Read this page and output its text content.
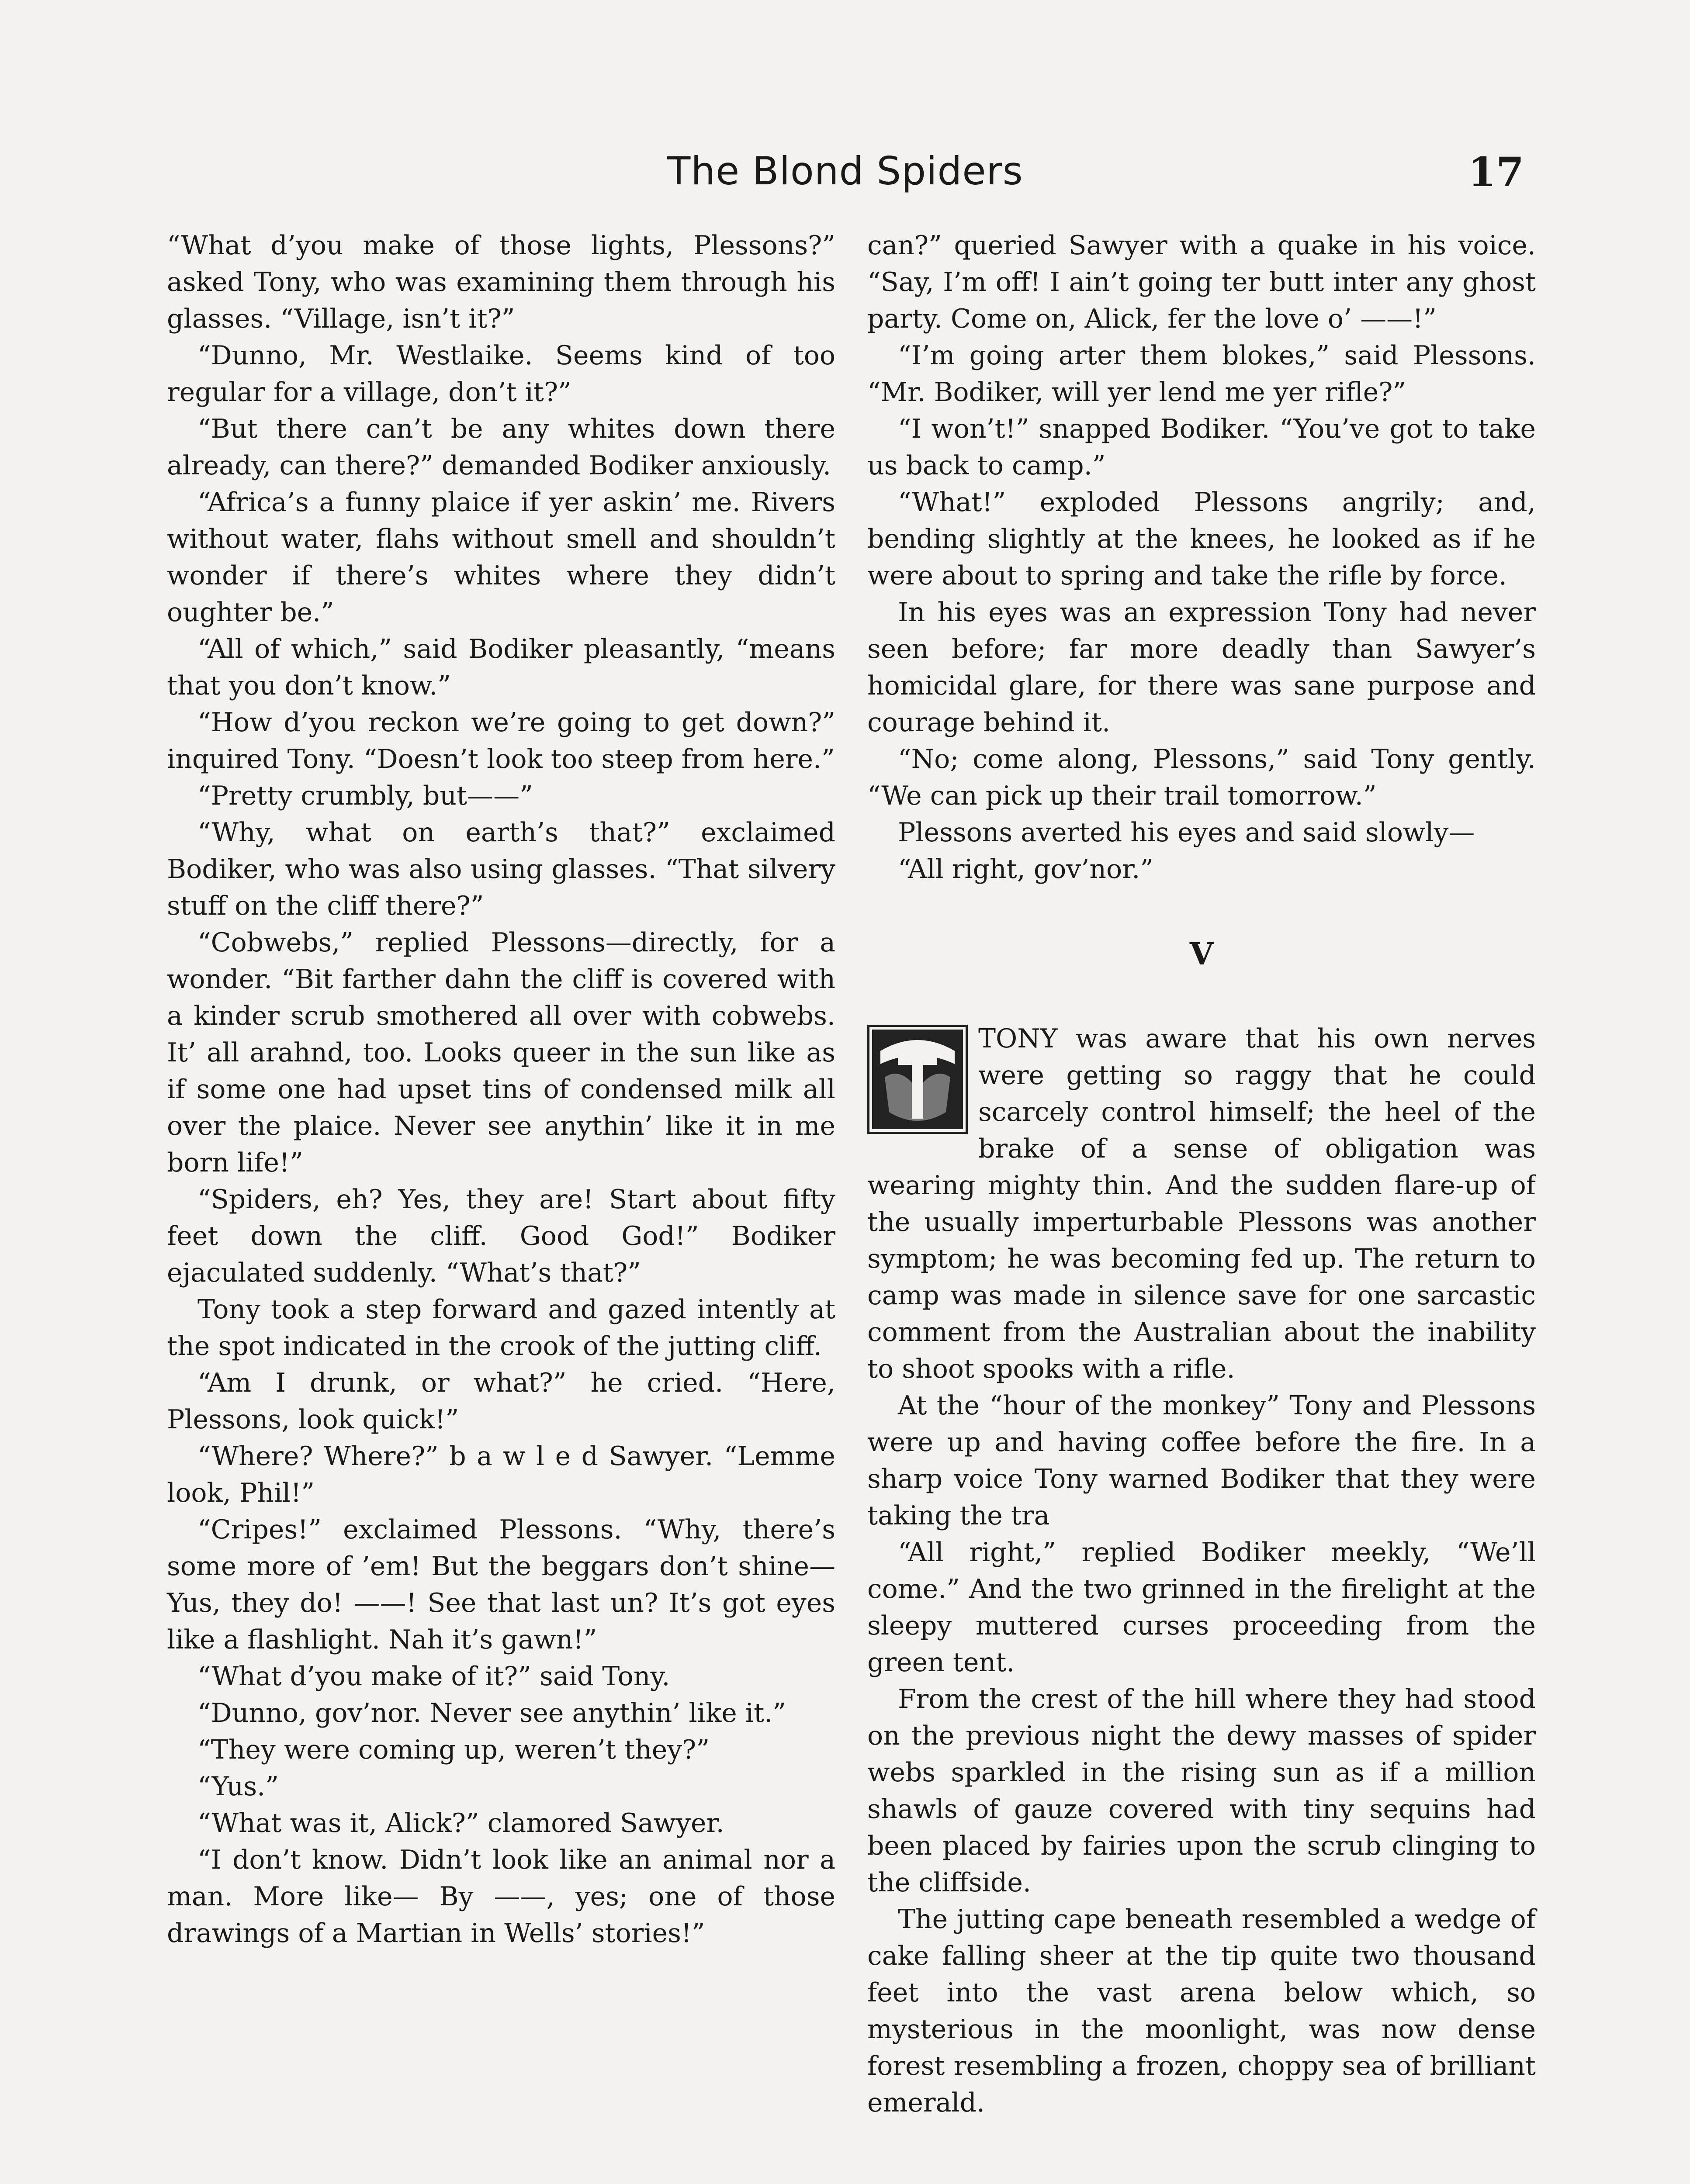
The Blond Spiders	17

“What d’you make of those lights, Plessons?” asked Tony, who was examining them through his glasses. “Village, isn’t it?”

“Dunno, Mr. Westlaike. Seems kind of too regular for a village, don’t it?”

“But there can’t be any whites down there already, can there?” demanded Bodiker anxiously.

“Africa’s a funny plaice if yer askin’ me. Rivers without water, flahs without smell and shouldn’t wonder if there’s whites where they didn’t oughter be.”

“All of which,” said Bodiker pleasantly, “means that you don’t know.”

“How d’you reckon we’re going to get down?” inquired Tony. “Doesn’t look too steep from here.”

“Pretty crumbly, but——”

“Why, what on earth’s that?” exclaimed Bodiker, who was also using glasses. “That silvery stuff on the cliff there?”

“Cobwebs,” replied Plessons—directly, for a wonder. “Bit farther dahn the cliff is covered with a kinder scrub smothered all over with cobwebs. It’ all arahnd, too. Looks queer in the sun like as if some one had upset tins of condensed milk all over the plaice. Never see anythin’ like it in me born life!”

“Spiders, eh? Yes, they are! Start about fifty feet down the cliff. Good God!” Bodiker ejaculated suddenly. “What’s that?”

Tony took a step forward and gazed intently at the spot indicated in the crook of the jutting cliff.

“Am I drunk, or what?” he cried. “Here, Plessons, look quick!”

“Where? Where?” b a w l e d Sawyer. “Lemme look, Phil!”

“Cripes!” exclaimed Plessons. “Why, there’s some more of ’em! But the beggars don’t shine— Yus, they do! ——! See that last un? It’s got eyes like a flashlight. Nah it’s gawn!”

“What d’you make of it?” said Tony.

“Dunno, gov’nor. Never see anythin’ like it.”

“They were coming up, weren’t they?”

“Yus.”

“What was it, Alick?” clamored Sawyer.

“I don’t know. Didn’t look like an animal nor a man. More like— By ——, yes; one of those drawings of a Martian in Wells’ stories!”

can?” queried Sawyer with a quake in his voice. “Say, I’m off! I ain’t going ter butt inter any ghost party. Come on, Alick, fer the love o’ ——!”

“I’m going arter them blokes,” said Plessons. “Mr. Bodiker, will yer lend me yer rifle?”

“I won’t!” snapped Bodiker. “You’ve got to take us back to camp.”

“What!” exploded Plessons angrily; and, bending slightly at the knees, he looked as if he were about to spring and take the rifle by force.

In his eyes was an expression Tony had never seen before; far more deadly than Sawyer’s homicidal glare, for there was sane purpose and courage behind it.

“No; come along, Plessons,” said Tony gently. “We can pick up their trail tomorrow.”

Plessons averted his eyes and said slowly—

“All right, gov’nor.”

V

TONY was aware that his own nerves were getting so raggy that he could scarcely control himself; the heel of the brake of a sense of obligation was wearing mighty thin. And the sudden flare-up of the usually imperturbable Plessons was another symptom; he was becoming fed up. The return to camp was made in silence save for one sarcastic comment from the Australian about the inability to shoot spooks with a rifle.

At the “hour of the monkey” Tony and Plessons were up and having coffee before the fire. In a sharp voice Tony warned Bodiker that they were taking the tra

“All right,” replied Bodiker meekly, “We’ll come.” And the two grinned in the firelight at the sleepy muttered curses proceeding from the green tent.

From the crest of the hill where they had stood on the previous night the dewy masses of spider webs sparkled in the rising sun as if a million shawls of gauze covered with tiny sequins had been placed by fairies upon the scrub clinging to the cliffside.

The jutting cape beneath resembled a wedge of cake falling sheer at the tip quite two thousand feet into the vast arena below which, so mysterious in the moonlight, was now dense forest resembling a frozen, choppy sea of brilliant emerald.
